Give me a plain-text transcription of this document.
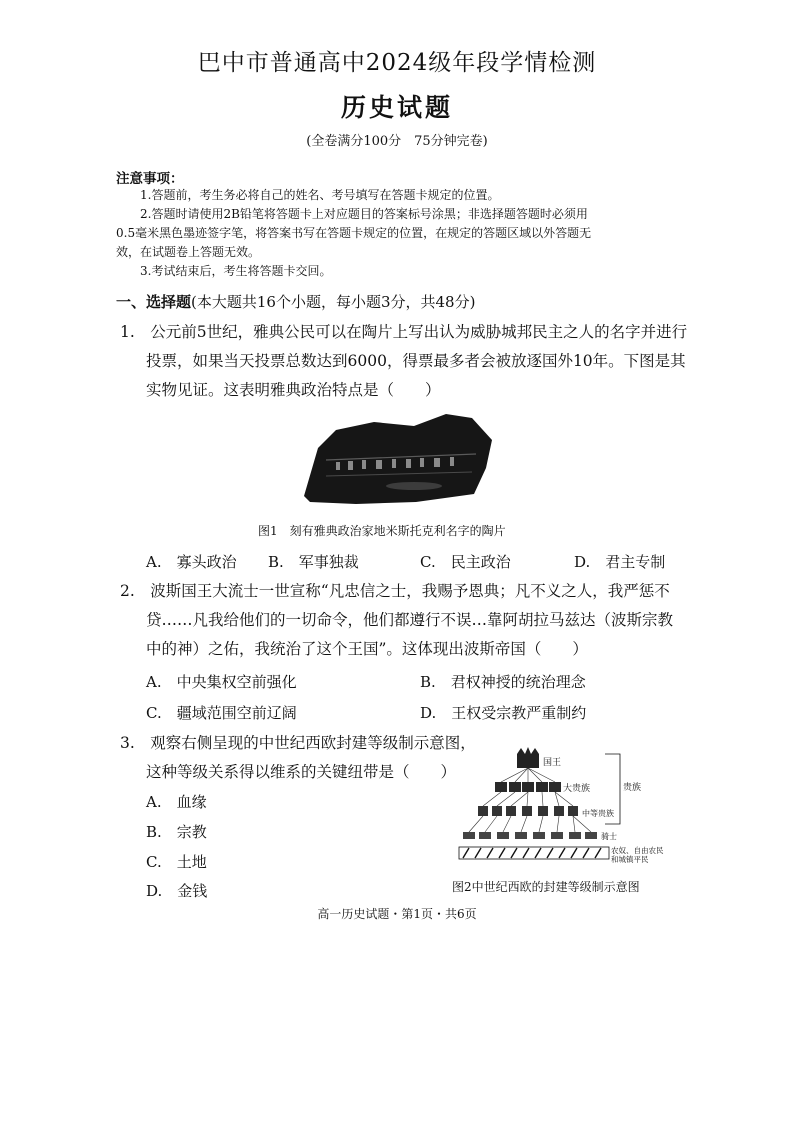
巴中市普通高中2024级年段学情检测
历史试题
(全卷满分100分　75分钟完卷)
注意事项：
1.答题前，考生务必将自己的姓名、考号填写在答题卡规定的位置。
2.答题时请使用2B铅笔将答题卡上对应题目的答案标号涂黑；非选择题答题时必须用
0.5毫米黑色墨迹签字笔，将答案书写在答题卡规定的位置，在规定的答题区域以外答题无
效，在试题卷上答题无效。
3.考试结束后，考生将答题卡交回。
一、选择题(本大题共16个小题，每小题3分，共48分)
1.　公元前5世纪，雅典公民可以在陶片上写出认为威胁城邦民主之人的名字并进行
投票，如果当天投票总数达到6000，得票最多者会被放逐国外10年。下图是其
实物见证。这表明雅典政治特点是（　　）
图1　刻有雅典政治家地米斯托克利名字的陶片
A.　寡头政治 B.　军事独裁	C.　民主政治	D.　君主专制
2.　波斯国王大流士一世宣称“凡忠信之士，我赐予恩典；凡不义之人，我严惩不
贷……凡我给他们的一切命令，他们都遵行不误…靠阿胡拉马兹达（波斯宗教
中的神）之佑，我统治了这个王国”。这体现出波斯帝国（　　）
A.　中央集权空前强化	B.　君权神授的统治理念
C.　疆域范围空前辽阔	D.　王权受宗教严重制约
3.　观察右侧呈现的中世纪西欧封建等级制示意图，
这种等级关系得以维系的关键纽带是（　　）
A.　血缘
B.　宗教
C.　土地
D.　金钱
国王
贵族
大贵族
中等贵族
骑士
农奴、自由农民
和城镇平民
图2中世纪西欧的封建等级制示意图
高一历史试题・第1页・共6页
